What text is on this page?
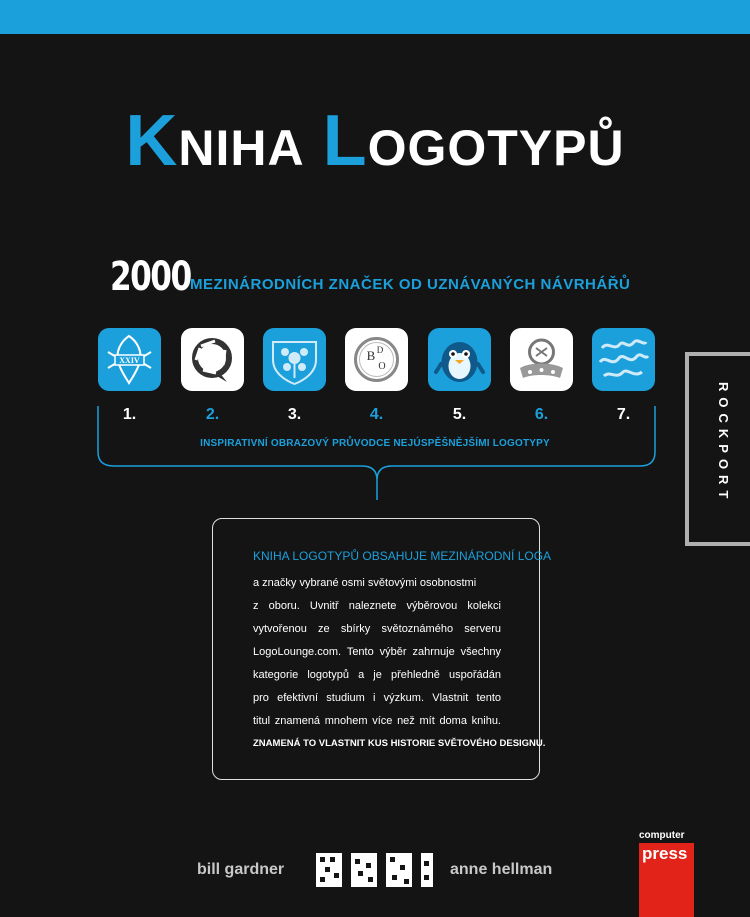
KNIHA LOGOTYPŮ
2000 MEZINÁRODNÍCH ZNAČEK OD UZNÁVANÝCH NÁVRHÁŘŮ
XXIV	B D
O
1.	2.	3.	4.	5.	6.	7.
INSPIRATIVNÍ OBRAZOVÝ PRŮVODCE NEJÚSPĚŠNĚJŠÍMI LOGOTYPY	ROCKPORT
KNIHA LOGOTYPŮ OBSAHUJE MEZINÁRODNÍ LOGA
a značky vybrané osmi světovými osobnostmi
z oboru. Uvnitř naleznete výběrovou kolekci
vytvořenou ze sbírky světoznámého serveru
LogoLounge.com. Tento výběr zahrnuje všechny
kategorie logotypů a je přehledně uspořádán
pro efektivní studium i výzkum. Vlastnit tento
titul znamená mnohem více než mít doma knihu.
ZNAMENÁ TO VLASTNIT KUS HISTORIE SVĚTOVÉHO DESIGNU.
bill gardner	anne hellman
computer
press
